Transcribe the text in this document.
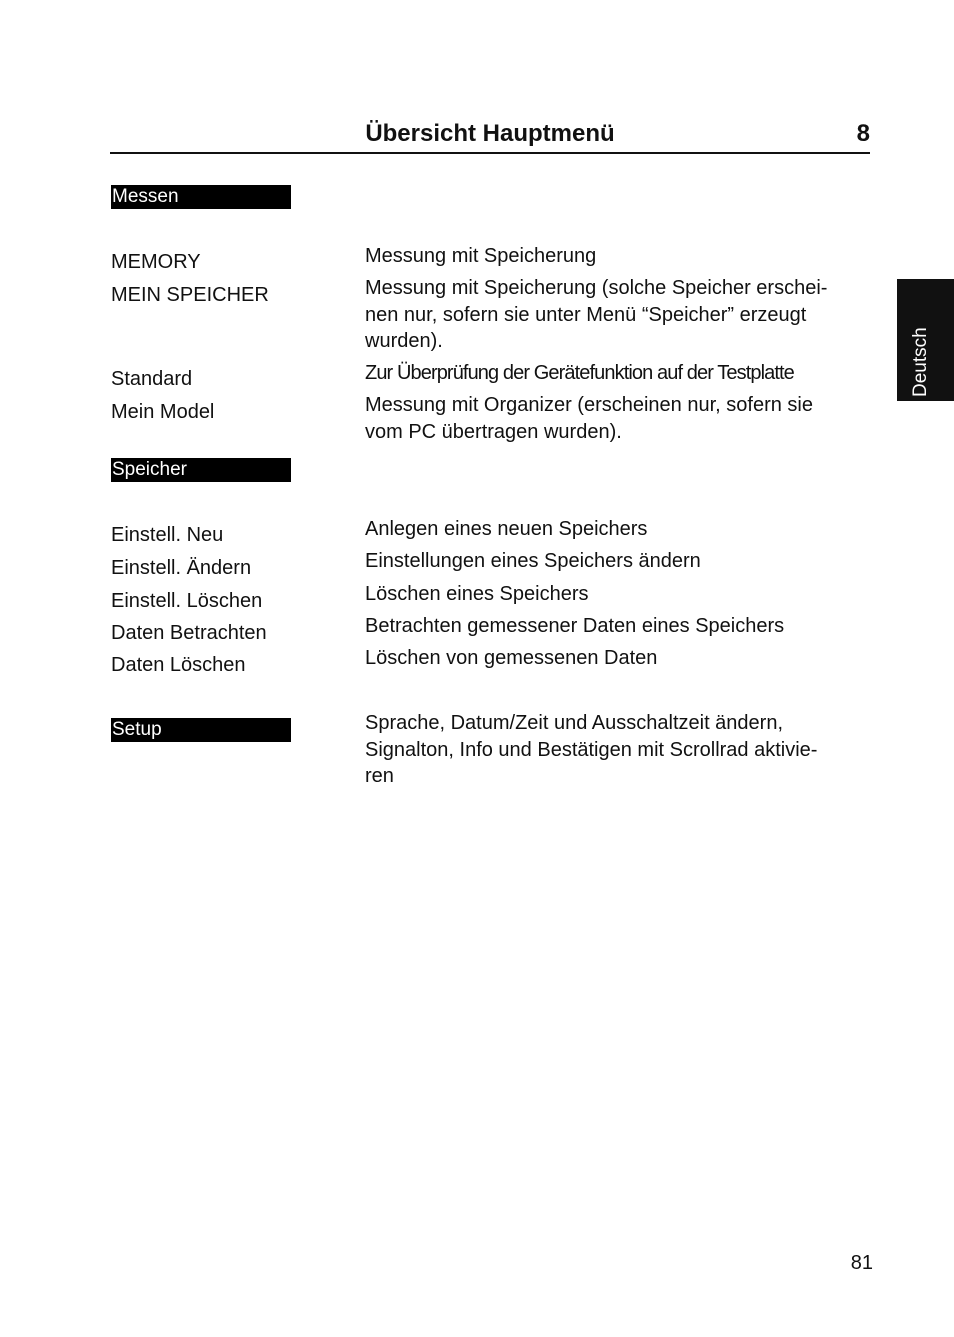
Übersicht Hauptmenü	8
Deutsch
Messen
MEMORY	Messung mit Speicherung
MEIN SPEICHER	Messung mit Speicherung (solche Speicher erschei-
nen nur, sofern sie unter Menü “Speicher” erzeugt
wurden).
Standard	Zur Überprüfung der Gerätefunktion auf der Testplatte
Mein Model	Messung mit Organizer (erscheinen nur, sofern sie
vom PC übertragen wurden).
Speicher
Einstell. Neu	Anlegen eines neuen Speichers
Einstell. Ändern	Einstellungen eines Speichers ändern
Einstell. Löschen	Löschen eines Speichers
Daten Betrachten	Betrachten gemessener Daten eines Speichers
Daten Löschen	Löschen von gemessenen Daten
Setup	Sprache, Datum/Zeit und Ausschaltzeit ändern,
Signalton, Info und Bestätigen mit Scrollrad aktivie-
ren
81
